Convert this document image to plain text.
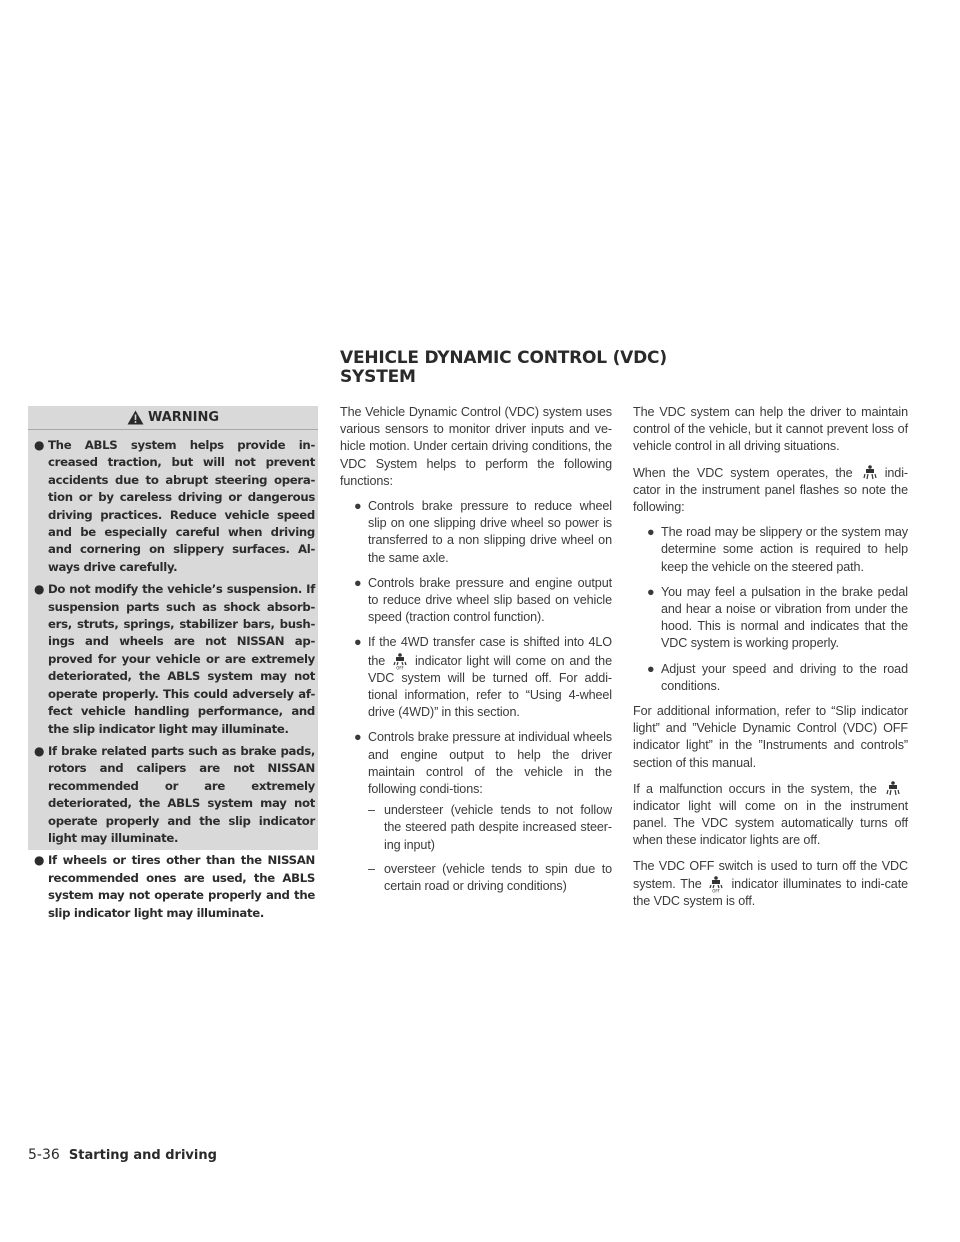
VEHICLE DYNAMIC CONTROL (VDC)
SYSTEM
WARNING
● The ABLS system helps provide in-creased traction, but will not prevent accidents due to abrupt steering opera-tion or by careless driving or dangerous driving practices. Reduce vehicle speed and be especially careful when driving and cornering on slippery surfaces. Al-ways drive carefully.
● Do not modify the vehicle’s suspension. If suspension parts such as shock absorb-ers, struts, springs, stabilizer bars, bush-ings and wheels are not NISSAN ap-proved for your vehicle or are extremely deteriorated, the ABLS system may not operate properly. This could adversely af-fect vehicle handling performance, and the slip indicator light may illuminate.
● If brake related parts such as brake pads, rotors and calipers are not NISSAN recommended or are extremely deteriorated, the ABLS system may not operate properly and the slip indicator light may illuminate.
● If wheels or tires other than the NISSAN recommended ones are used, the ABLS system may not operate properly and the slip indicator light may illuminate.

The Vehicle Dynamic Control (VDC) system uses various sensors to monitor driver inputs and ve-hicle motion. Under certain driving conditions, the VDC System helps to perform the following functions:

● Controls brake pressure to reduce wheel slip on one slipping drive wheel so power is transferred to a non slipping drive wheel on the same axle.
● Controls brake pressure and engine output to reduce drive wheel slip based on vehicle speed (traction control function).
● If the 4WD transfer case is shifted into 4LO the	OFF indicator light will come on and the VDC system will be turned off. For addi-tional information, refer to “Using 4-wheel drive (4WD)” in this section.
● Controls brake pressure at individual wheels and engine output to help the driver maintain control of the vehicle in the following condi-tions:
– understeer (vehicle tends to not follow the steered path despite increased steer-ing input)
– oversteer (vehicle tends to spin due to certain road or driving conditions)

The VDC system can help the driver to maintain control of the vehicle, but it cannot prevent loss of vehicle control in all driving situations.

When the VDC system operates, the	indi-cator in the instrument panel flashes so note the following:

● The road may be slippery or the system may determine some action is required to help keep the vehicle on the steered path.
● You may feel a pulsation in the brake pedal and hear a noise or vibration from under the hood. This is normal and indicates that the VDC system is working properly.
● Adjust your speed and driving to the road conditions.

For additional information, refer to “Slip indicator light” and ”Vehicle Dynamic Control (VDC) OFF indicator light” in the ”Instruments and controls” section of this manual.

If a malfunction occurs in the system, the indicator light will come on in the instrument panel. The VDC system automatically turns off when these indicator lights are off.

The VDC OFF switch is used to turn off the VDC system. The	OFF indicator illuminates to indi-cate the VDC system is off.

5-36 Starting and driving
